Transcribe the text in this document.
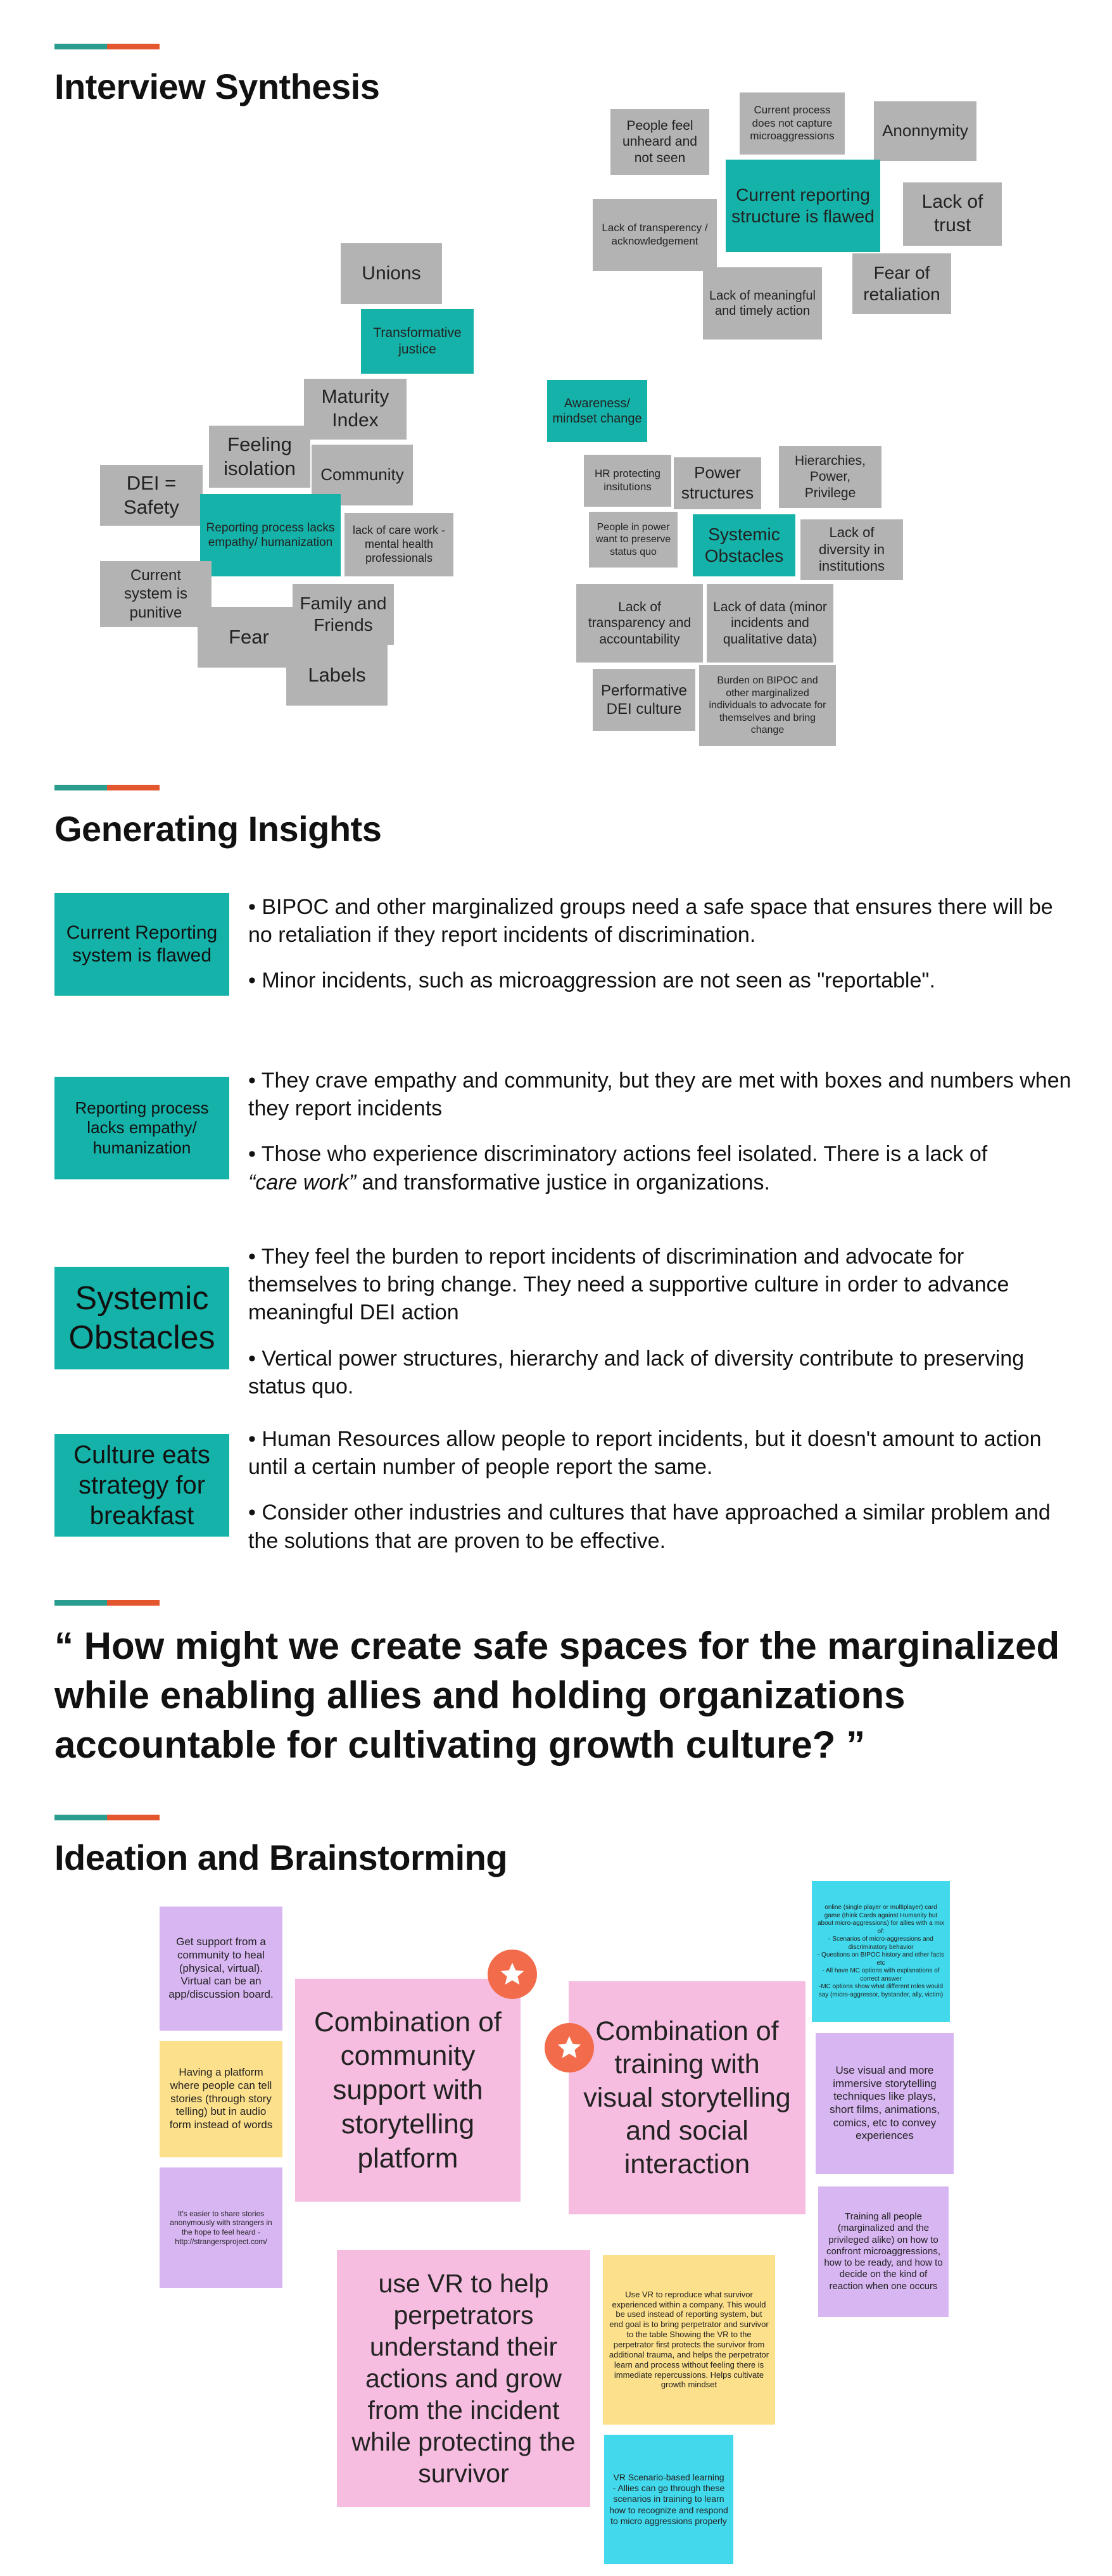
Interview Synthesis
People feel unheard and not seen
Current process does not capture microaggressions	Anonnymity
Current reporting structure is flawed
Lack of trust
Lack of transperency / acknowledgement
Lack of meaningful and timely action
Fear of retaliation
Unions
Transformative justice
Maturity Index
Awareness/ mindset change
Feeling isolation	Community
DEI = Safety
Reporting process lacks empathy/ humanization
lack of care work - mental health professionals
Current system is punitive	Family and Friends
Fear
Labels
HR protecting insitutions
Power structures
Hierarchies, Power, Privilege
People in power want to preserve status quo
Systemic Obstacles
Lack of diversity in institutions
Lack of transparency and accountability
Lack of data (minor incidents and qualitative data)
Performative DEI culture
Burden on BIPOC and other marginalized individuals to advocate for themselves and bring change
Generating Insights
Current Reporting system is flawed

• BIPOC and other marginalized groups need a safe space that ensures there will be no retaliation if they report incidents of discrimination.

• Minor incidents, such as microaggression are not seen as "reportable".

Reporting process lacks empathy/ humanization

• They crave empathy and community, but they are met with boxes and numbers when they report incidents

• Those who experience discriminatory actions feel isolated. There is a lack of
“care work” and transformative justice in organizations.

Systemic Obstacles

• They feel the burden to report incidents of discrimination and advocate for themselves to bring change. They need a supportive culture in order to advance meaningful DEI action

• Vertical power structures, hierarchy and lack of diversity contribute to preserving status quo.

Culture eats strategy for breakfast

• Human Resources allow people to report incidents, but it doesn't amount to action until a certain number of people report the same.

• Consider other industries and cultures that have approached a similar problem and the solutions that are proven to be effective.

“ How might we create safe spaces for the marginalized while enabling allies and holding organizations accountable for cultivating growth culture? ”
Ideation and Brainstorming
Get support from a community to heal (physical, virtual). Virtual can be an app/discussion board.
Having a platform where people can tell stories (through story telling) but in audio form instead of words
It's easier to share stories anonymously with strangers in the hope to feel heard - http://strangersproject.com/
Combination of community support with storytelling platform
Combination of training with visual storytelling and social interaction
online (single player or multiplayer) card game (think Cards against Humanity but about micro-aggressions) for allies with a mix of:
- Scenarios of micro-aggressions and discriminatory behavior
- Questions on BIPOC history and other facts etc
- All have MC options with explanations of correct answer
-MC options show what different roles would say (micro-aggressor, bystander, ally, victim)
Use visual and more immersive storytelling techniques like plays, short films, animations, comics, etc to convey experiences
Training all people (marginalized and the privileged alike) on how to confront microaggressions, how to be ready, and how to decide on the kind of reaction when one occurs
use VR to help perpetrators understand their actions and grow from the incident while protecting the survivor
Use VR to reproduce what survivor experienced within a company. This would be used instead of reporting system, but end goal is to bring perpetrator and survivor to the table Showing the VR to the perpetrator first protects the survivor from additional trauma, and helps the perpetrator learn and process without feeling there is immediate repercussions. Helps cultivate growth mindset
VR Scenario-based learning
- Allies can go through these scenarios in training to learn how to recognize and respond to micro aggressions properly
